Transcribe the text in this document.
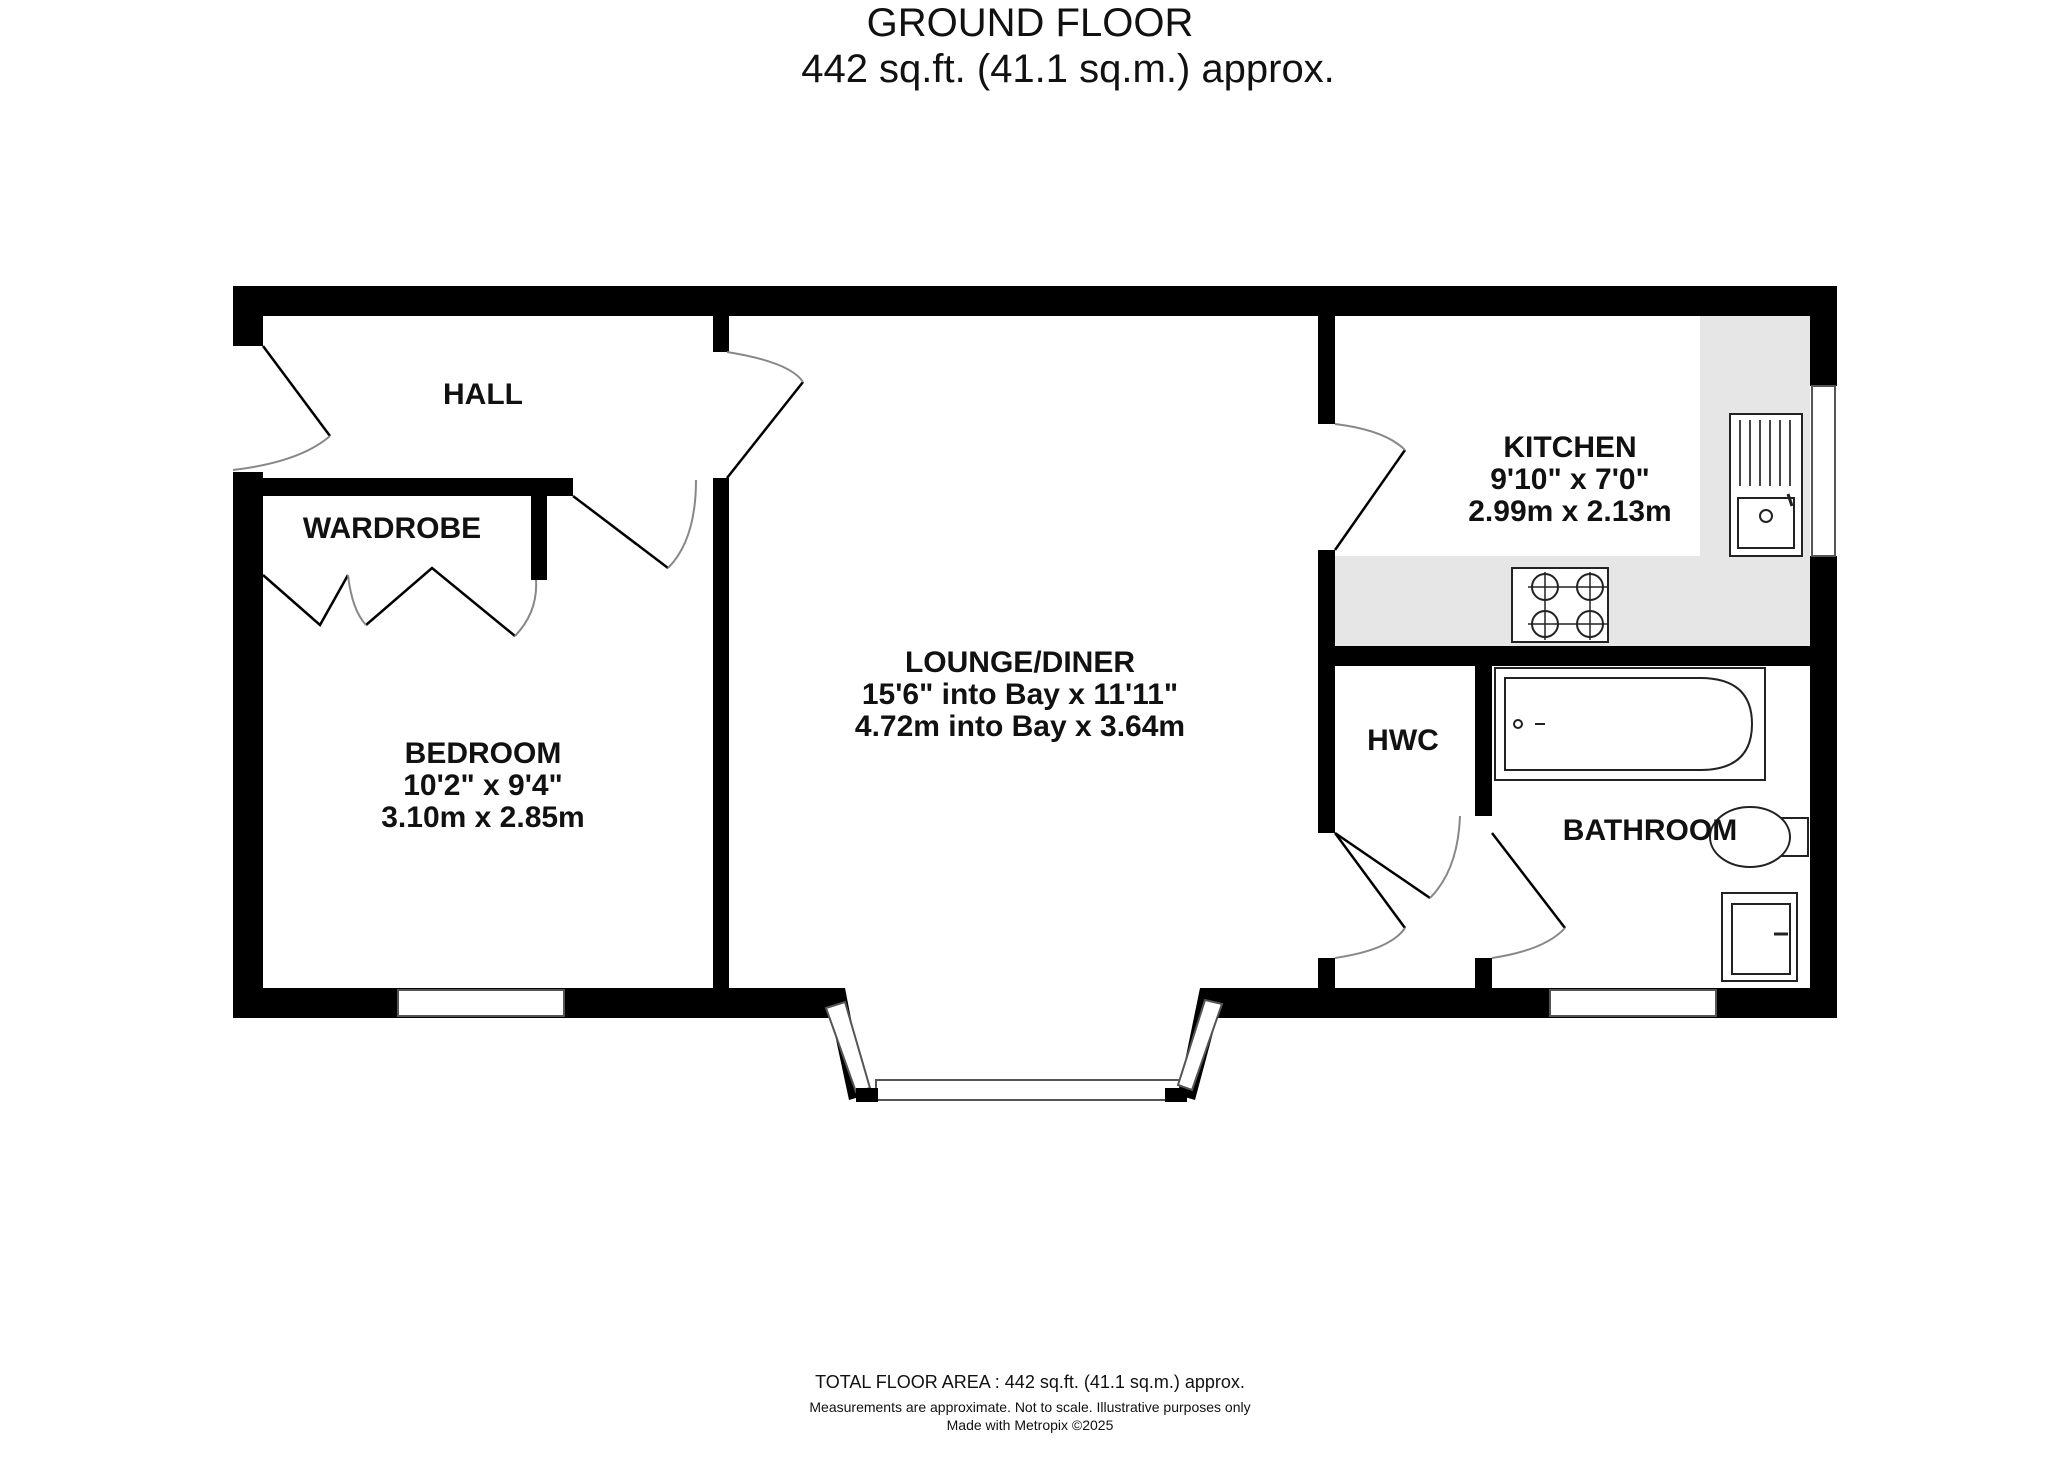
GROUND FLOOR
442 sq.ft. (41.1 sq.m.) approx.
HALL
WARDROBE
BEDROOM
10'2" x 9'4"
3.10m x 2.85m
LOUNGE/DINER
15'6" into Bay x 11'11"
4.72m into Bay x 3.64m
KITCHEN
9'10" x 7'0"
2.99m x 2.13m
HWC
BATHROOM
TOTAL FLOOR AREA : 442 sq.ft. (41.1 sq.m.) approx.
Measurements are approximate. Not to scale. Illustrative purposes only
Made with Metropix ©2025
